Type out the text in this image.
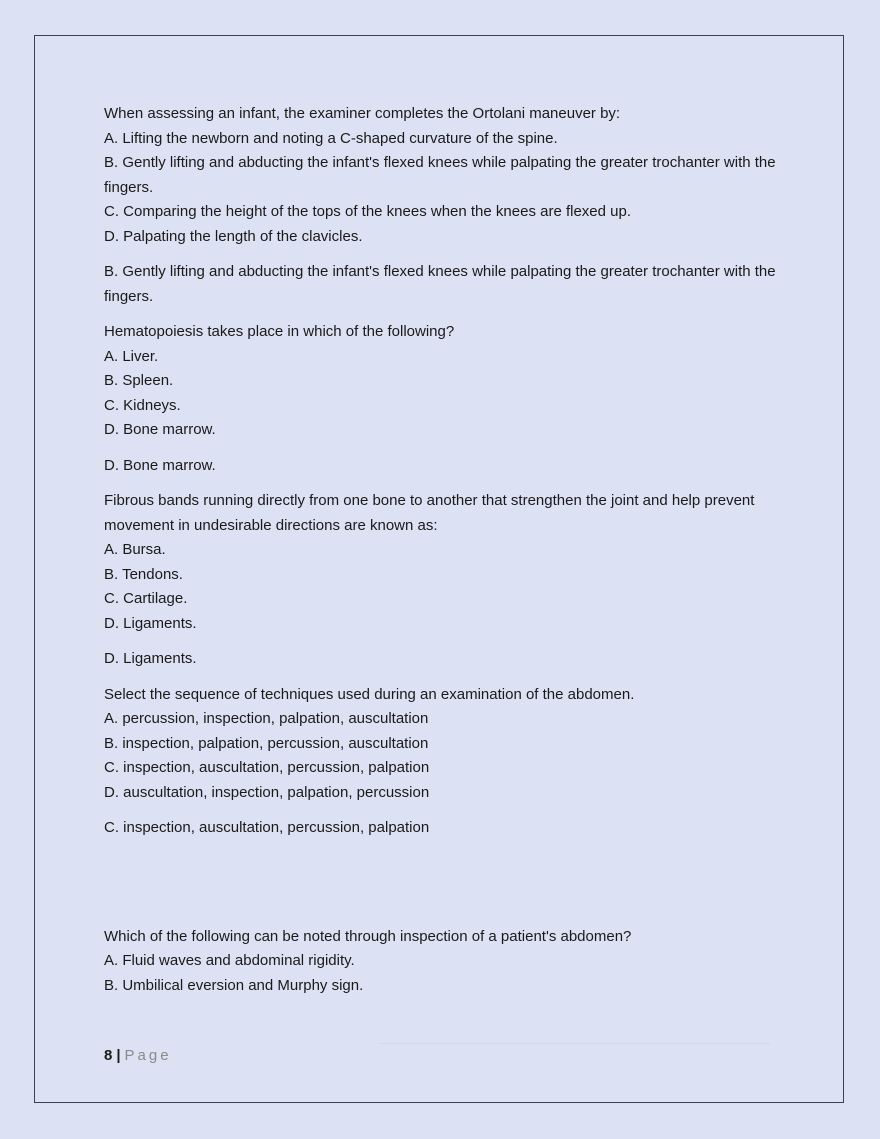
When assessing an infant, the examiner completes the Ortolani maneuver by:
A. Lifting the newborn and noting a C-shaped curvature of the spine.
B. Gently lifting and abducting the infant's flexed knees while palpating the greater trochanter with the fingers.
C. Comparing the height of the tops of the knees when the knees are flexed up.
D. Palpating the length of the clavicles.
B. Gently lifting and abducting the infant's flexed knees while palpating the greater trochanter with the fingers.
Hematopoiesis takes place in which of the following?
A. Liver.
B. Spleen.
C. Kidneys.
D. Bone marrow.
D. Bone marrow.
Fibrous bands running directly from one bone to another that strengthen the joint and help prevent movement in undesirable directions are known as:
A. Bursa.
B. Tendons.
C. Cartilage.
D. Ligaments.
D. Ligaments.
Select the sequence of techniques used during an examination of the abdomen.
A. percussion, inspection, palpation, auscultation
B. inspection, palpation, percussion, auscultation
C. inspection, auscultation, percussion, palpation
D. auscultation, inspection, palpation, percussion
C. inspection, auscultation, percussion, palpation
Which of the following can be noted through inspection of a patient's abdomen?
A. Fluid waves and abdominal rigidity.
B. Umbilical eversion and Murphy sign.
8 | Page
